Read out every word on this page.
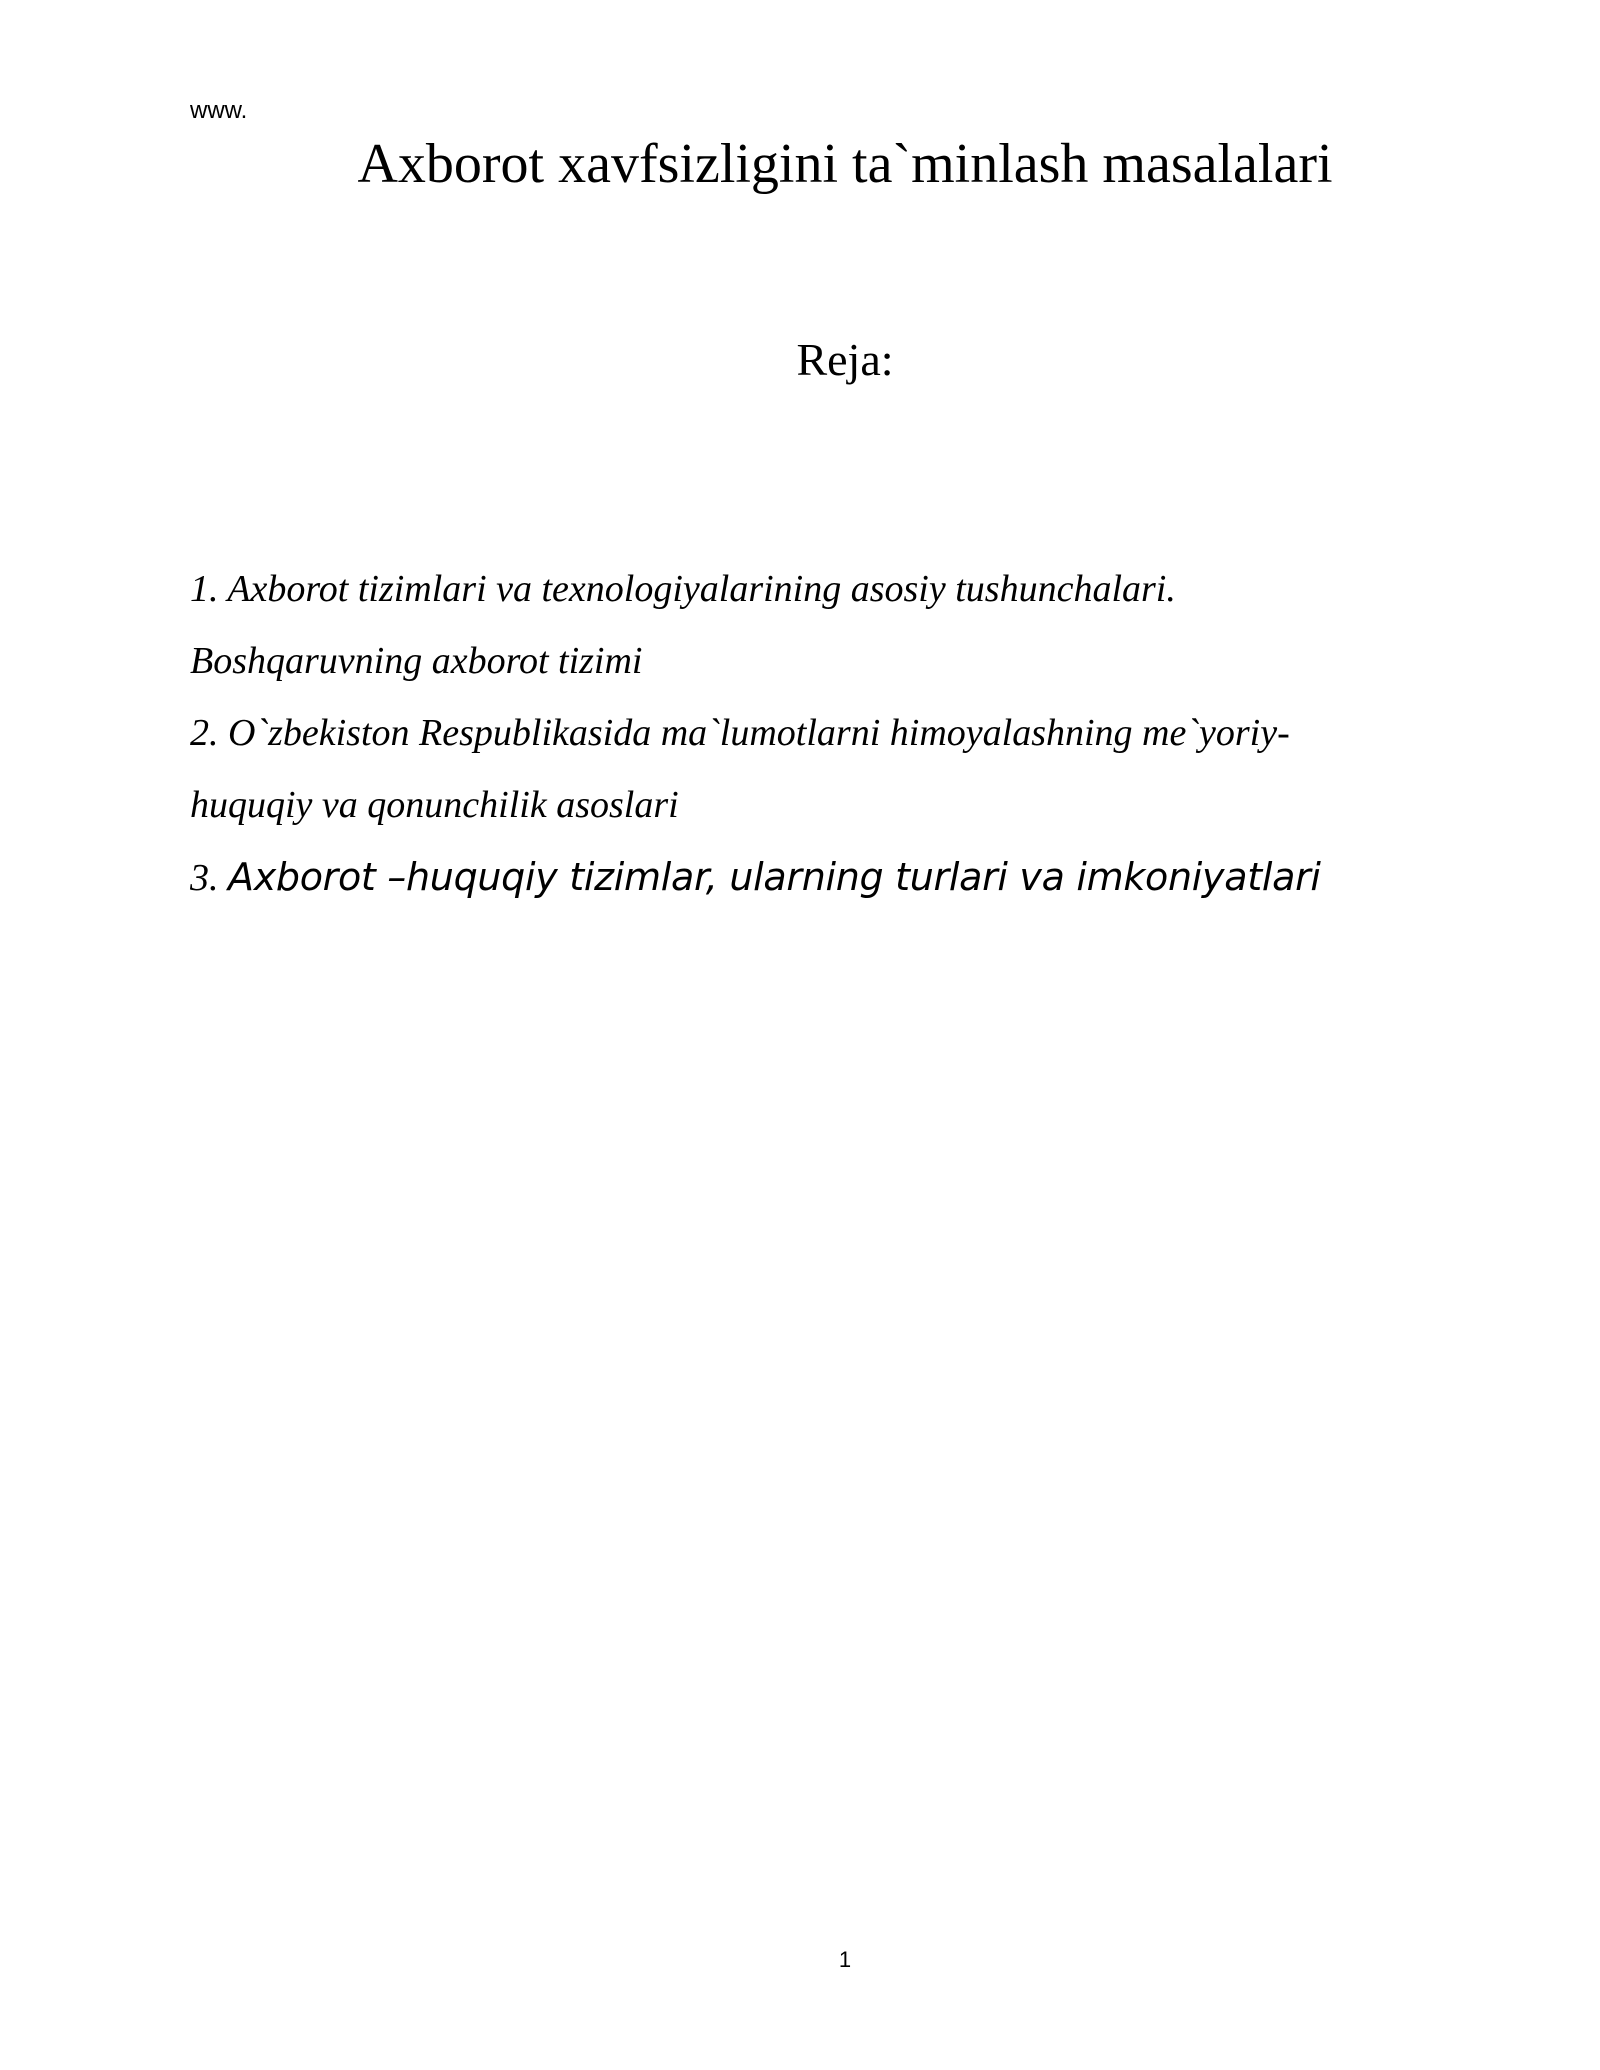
www.
Axborot xavfsizligini ta`minlash masalalari
Reja:
1. Axborot tizimlari va texnologiyalarining asosiy tushunchalari.
Boshqaruvning axborot tizimi
2. O`zbekiston Respublikasida ma`lumotlarni himoyalashning me`yoriy-
huquqiy va qonunchilik asoslari
3. Axborot –huquqiy tizimlar, ularning turlari va imkoniyatlari
1
